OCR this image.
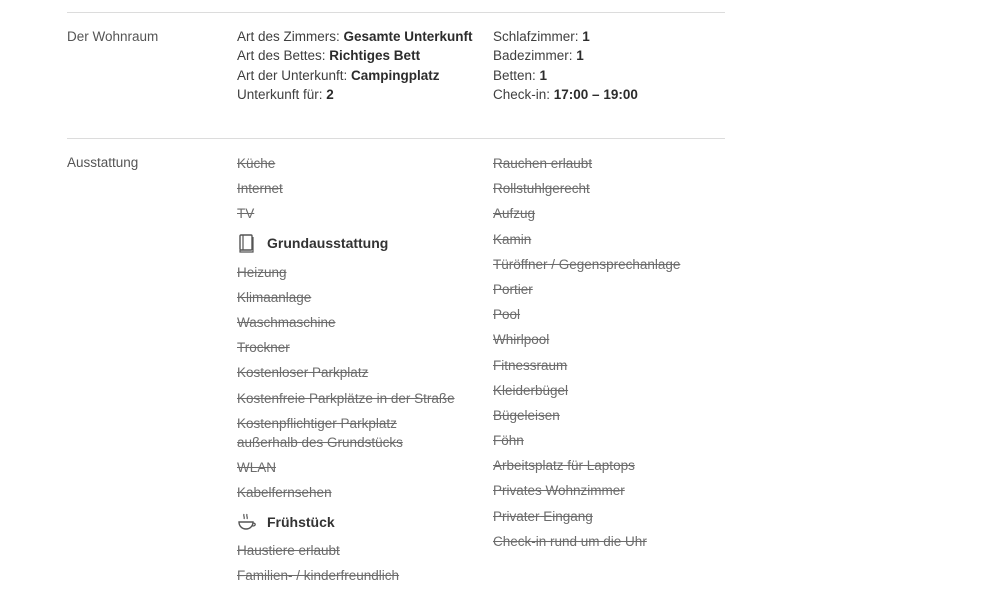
Der Wohnraum	Art des Zimmers: Gesamte Unterkunft
Art des Bettes: Richtiges Bett
Art der Unterkunft: Campingplatz
Unterkunft für: 2
Schlafzimmer: 1
Badezimmer: 1
Betten: 1
Check-in: 17:00 – 19:00
Ausstattung	Küche
Internet
TV
Grundausstattung
Heizung
Klimaanlage
Waschmaschine
Trockner
Kostenloser Parkplatz
Kostenfreie Parkplätze in der Straße
Kostenpflichtiger Parkplatz außerhalb des Grundstücks
WLAN
Kabelfernsehen
Frühstück
Haustiere erlaubt
Familien- / kinderfreundlich
Rauchen erlaubt
Rollstuhlgerecht
Aufzug
Kamin
Türöffner / Gegensprechanlage
Portier
Pool
Whirlpool
Fitnessraum
Kleiderbügel
Bügeleisen
Föhn
Arbeitsplatz für Laptops
Privates Wohnzimmer
Privater Eingang
Check-in rund um die Uhr
